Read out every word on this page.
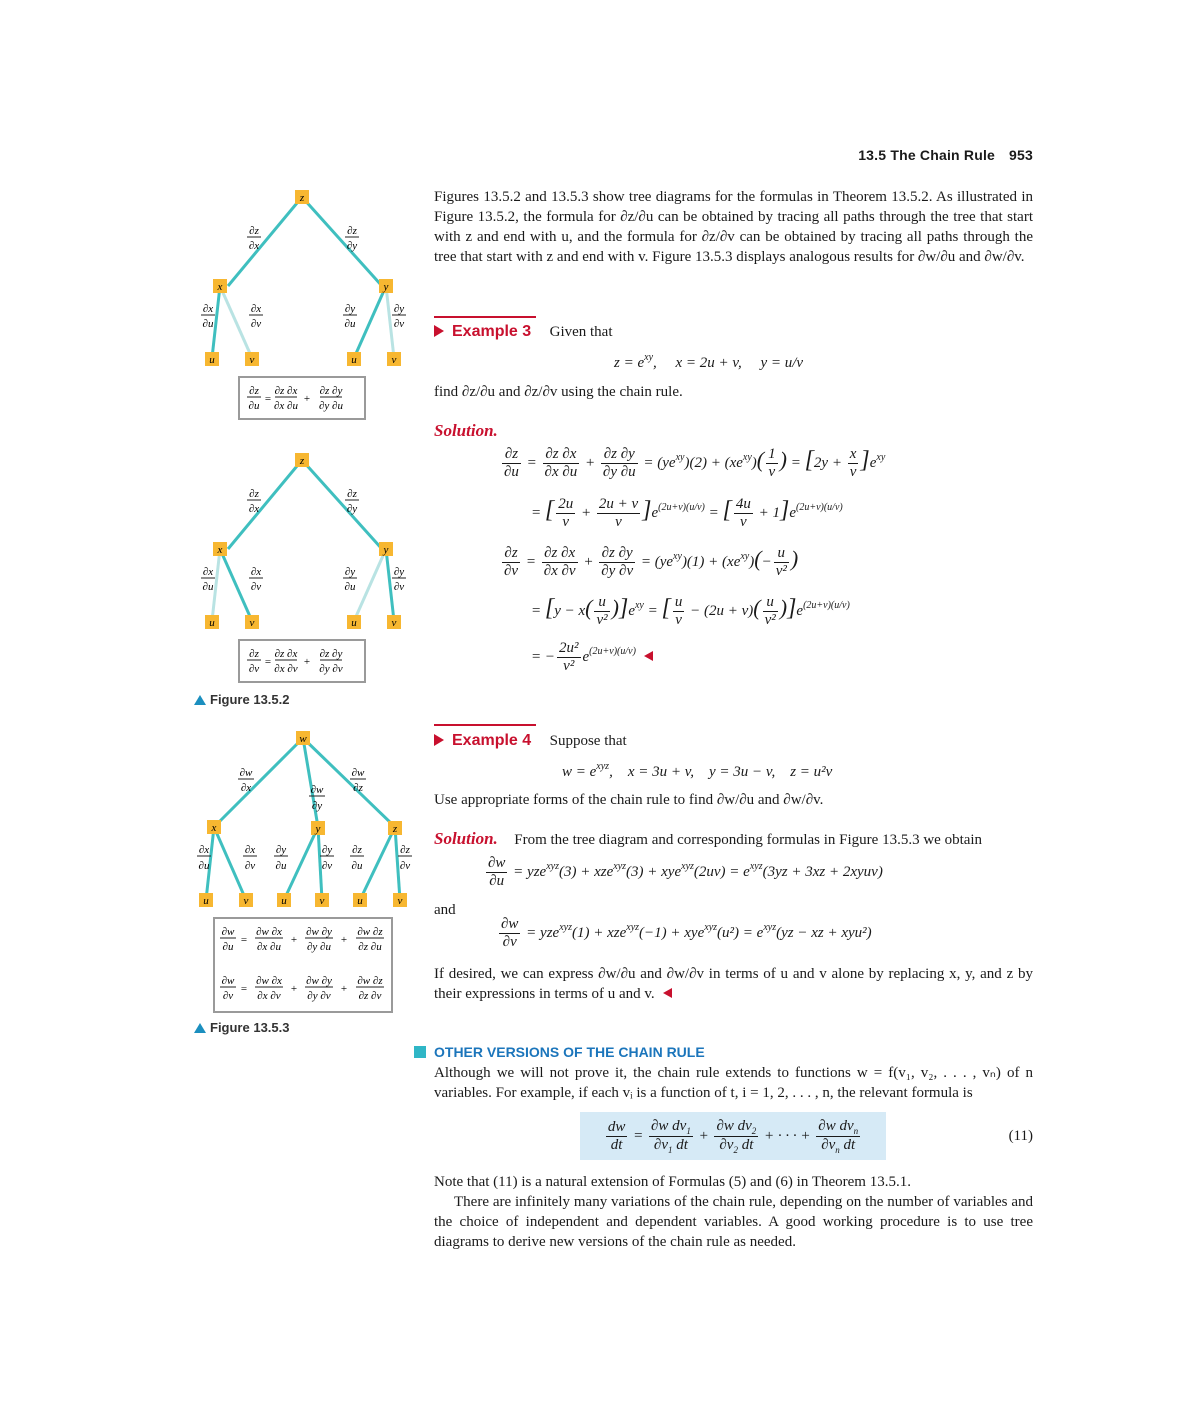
13.5 The Chain Rule 953
z
x	y
u	v	u	v
∂z
∂x
∂z
∂y
∂x
∂u
∂x
∂v
∂y
∂u
∂y
∂v
∂z
∂u
=
∂z ∂x
∂x ∂u
+
∂z ∂y
∂y ∂u
z
x	y
u	v	u	v
∂z
∂x
∂z
∂y
∂x
∂u
∂x
∂v
∂y
∂u
∂y
∂v
∂z
∂v
=
∂z ∂x
∂x ∂v
+
∂z ∂y
∂y ∂v
Figure 13.5.2
w
x	y	z
u	v	u	v	u	v
∂w
∂x	∂w
∂y
∂w
∂z
∂x
∂u
∂x
∂v
∂y
∂u
∂y
∂v
∂z
∂u
∂z
∂v
∂w
∂u
=
∂w ∂x
∂x ∂u
+
∂w ∂y
∂y ∂u
+
∂w ∂z
∂z ∂u
∂w
∂v
=
∂w ∂x
∂x ∂v
+
∂w ∂y
∂y ∂v
+
∂w ∂z
∂z ∂v
Figure 13.5.3
Figures 13.5.2 and 13.5.3 show tree diagrams for the formulas in Theorem 13.5.2. As illustrated in Figure 13.5.2, the formula for ∂z/∂u can be obtained by tracing all paths through the tree that start with z and end with u, and the formula for ∂z/∂v can be obtained by tracing all paths through the tree that start with z and end with v. Figure 13.5.3 displays analogous results for ∂w/∂u and ∂w/∂v.
Example 3 Given that
$z = e^{xy}$,     x = 2u + v,     y = u/v
find ∂z/∂u and ∂z/∂v using the chain rule.
Solution.
$\frac{\partial z}{\partial u} = \frac{\partial z \partial x}{\partial x \partial u} + \frac{\partial z \partial y}{\partial y \partial u} = (ye^{xy})(2) + (xe^{xy})( \frac{1}{v}$ ) = $[2y + \frac{x}{v} ]e^{xy}$
= [ $\frac{2u}{v} + \frac{2u + v}{v} ]e^{(2u+v)(u/v)}$ = [ $\frac{4u}{v} + 1]e^{(2u+v)(u/v)}$
$\frac{\partial z}{\partial v} = \frac{\partial z \partial x}{\partial x \partial v} + \frac{\partial z \partial y}{\partial y \partial v} = (ye^{xy})(1) + (xe^{xy})(- \frac{u}{\text{v²}}$ )
= $[y - x( \frac{u}{\text{v²}} )]e^{xy}$ = [ $\frac{u}{v} - (2u + v)( \frac{u}{\text{v²}} )]e^{(2u+v)(u/v)}$
= − $\frac{\text{2u²}}{\text{v²}} e^{(2u+v)(u/v)}$
Example 4 Suppose that
$w = e^{xyz}$,    x = 3u + v,    y = 3u − v,    z = u²v
Use appropriate forms of the chain rule to find ∂w/∂u and ∂w/∂v.
Solution. From the tree diagram and corresponding formulas in Figure 13.5.3 we obtain
$\frac{\partial w}{\partial u} = yze^{xyz}(3) + xze^{xyz}(3) + xye^{xyz}(2uv) = e^{xyz}(3yz + 3xz$ + 2xyuv)
and
$\frac{\partial w}{\partial v} = yze^{xyz}(1) + xze^{xyz}(-1) + xye^{xyz}(u^2) = e^{xyz}(yz$ − xz + xyu²)
If desired, we can express ∂w/∂u and ∂w/∂v in terms of u and v alone by replacing x, y, and z by their expressions in terms of u and v.
OTHER VERSIONS OF THE CHAIN RULE
Although we will not prove it, the chain rule extends to functions w = f(v₁, v₂, . . . , vₙ) of n variables. For example, if each vᵢ is a function of t, i = 1, 2, . . . , n, the relevant formula is
$\frac{dw}{dt} = \frac{\partial w dv_1}{\partial v_1 dt} + \frac{\partial w dv_2}{\partial v_2 dt}$ + · · · + $\frac{\partial w dv_n}{\partial v_n dt}$	(11)
Note that (11) is a natural extension of Formulas (5) and (6) in Theorem 13.5.1.
There are infinitely many variations of the chain rule, depending on the number of variables and the choice of independent and dependent variables. A good working procedure is to use tree diagrams to derive new versions of the chain rule as needed.
